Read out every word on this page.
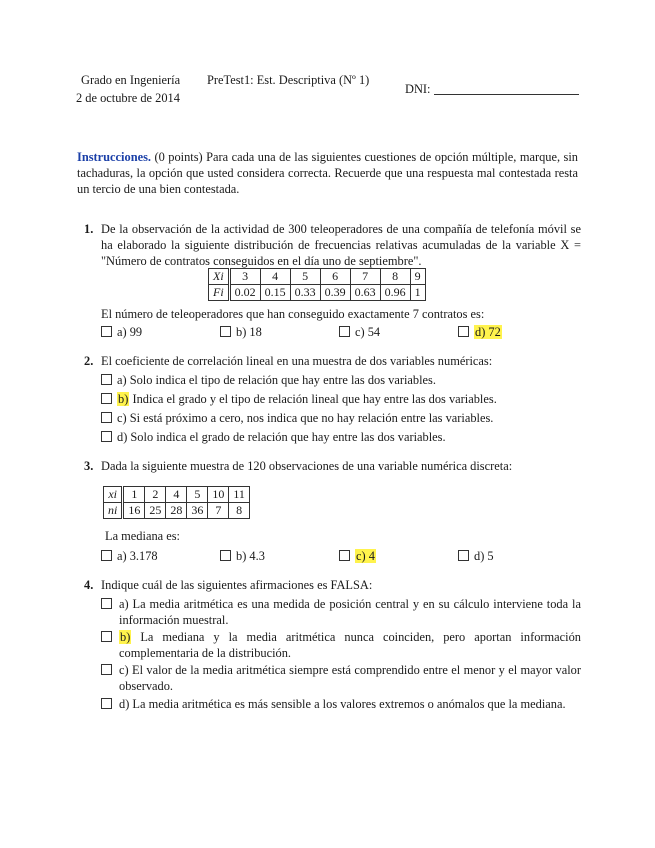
Grado en Ingeniería
2 de octubre de 2014
PreTest1: Est. Descriptiva (Nº 1)
DNI:
Instrucciones. (0 points) Para cada una de las siguientes cuestiones de opción múltiple, marque, sin tachaduras, la opción que usted considera correcta. Recuerde que una respuesta mal contestada resta un tercio de una bien contestada.
1. De la observación de la actividad de 300 teleoperadores de una compañía de telefonía móvil se ha elaborado la siguiente distribución de frecuencias relativas acumuladas de la variable X = "Número de contratos conseguidos en el día uno de septiembre".
Xi	3	4	5	6	7	8	9
Fi	0.02	0.15	0.33	0.39	0.63	0.96	1
El número de teleoperadores que han conseguido exactamente 7 contratos es:
a) 99	b) 18	c) 54	d) 72
2. El coeficiente de correlación lineal en una muestra de dos variables numéricas:
a) Solo indica el tipo de relación que hay entre las dos variables.
b) Indica el grado y el tipo de relación lineal que hay entre las dos variables.
c) Si está próximo a cero, nos indica que no hay relación entre las variables.
d) Solo indica el grado de relación que hay entre las dos variables.
3. Dada la siguiente muestra de 120 observaciones de una variable numérica discreta:
xi	1	2	4	5	10	11
ni	16	25	28	36	7	8
La mediana es:
a) 3.178	b) 4.3	c) 4	d) 5
4. Indique cuál de las siguientes afirmaciones es FALSA:
a) La media aritmética es una medida de posición central y en su cálculo interviene toda la información muestral.
b) La mediana y la media aritmética nunca coinciden, pero aportan información complementaria de la distribución.
c) El valor de la media aritmética siempre está comprendido entre el menor y el mayor valor observado.
d) La media aritmética es más sensible a los valores extremos o anómalos que la mediana.
